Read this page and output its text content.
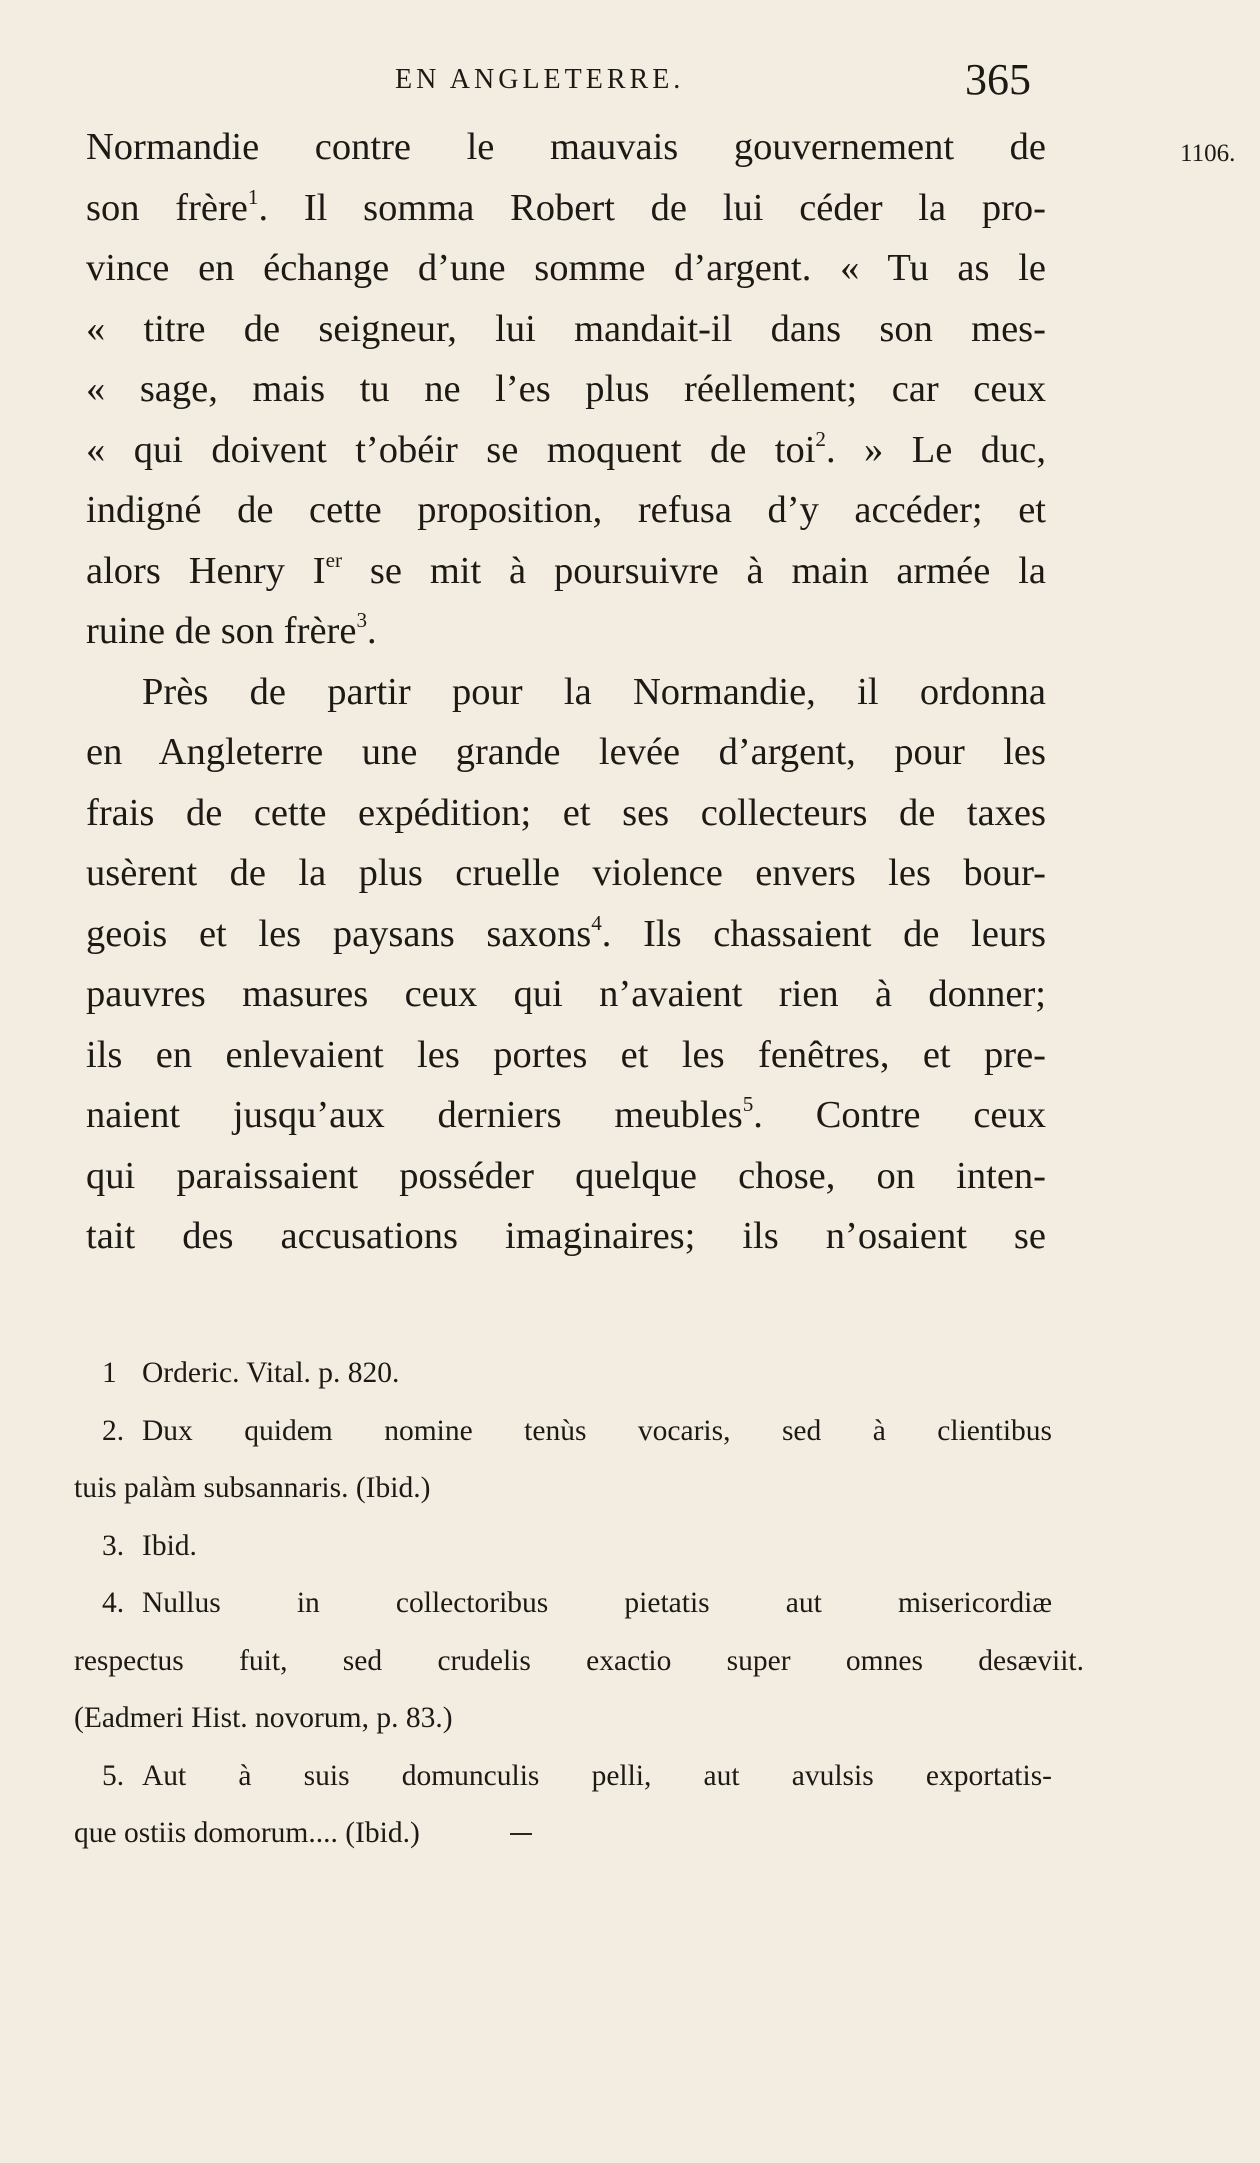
EN ANGLETERRE.	365
1106.
Normandie contre le mauvais gouvernement de
son frère$^1$. Il somma Robert de lui céder la pro-
vince en échange d’une somme d’argent. « Tu as le
« titre de seigneur, lui mandait-il dans son mes-
« sage, mais tu ne l’es plus réellement; car ceux
« qui doivent t’obéir se moquent de toi$^2$. » Le duc,
indigné de cette proposition, refusa d’y accéder; et
alors Henry Ier se mit à poursuivre à main armée la
ruine de son frère$^3$.
Près de partir pour la Normandie, il ordonna
en Angleterre une grande levée d’argent, pour les
frais de cette expédition; et ses collecteurs de taxes
usèrent de la plus cruelle violence envers les bour-
geois et les paysans saxons$^4$. Ils chassaient de leurs
pauvres masures ceux qui n’avaient rien à donner;
ils en enlevaient les portes et les fenêtres, et pre-
naient jusqu’aux derniers meubles$^5$. Contre ceux
qui paraissaient posséder quelque chose, on inten-
tait des accusations imaginaires; ils n’osaient se
1 Orderic. Vital. p. 820.
2. Dux quidem nomine tenùs vocaris, sed à clientibus
tuis palàm subsannaris. (Ibid.)
3. Ibid.
4. Nullus in collectoribus pietatis aut misericordiæ
respectus fuit, sed crudelis exactio super omnes desæviit.
(Eadmeri Hist. novorum, p. 83.)
5. Aut à suis domunculis pelli, aut avulsis exportatis-
que ostiis domorum.... (Ibid.)
